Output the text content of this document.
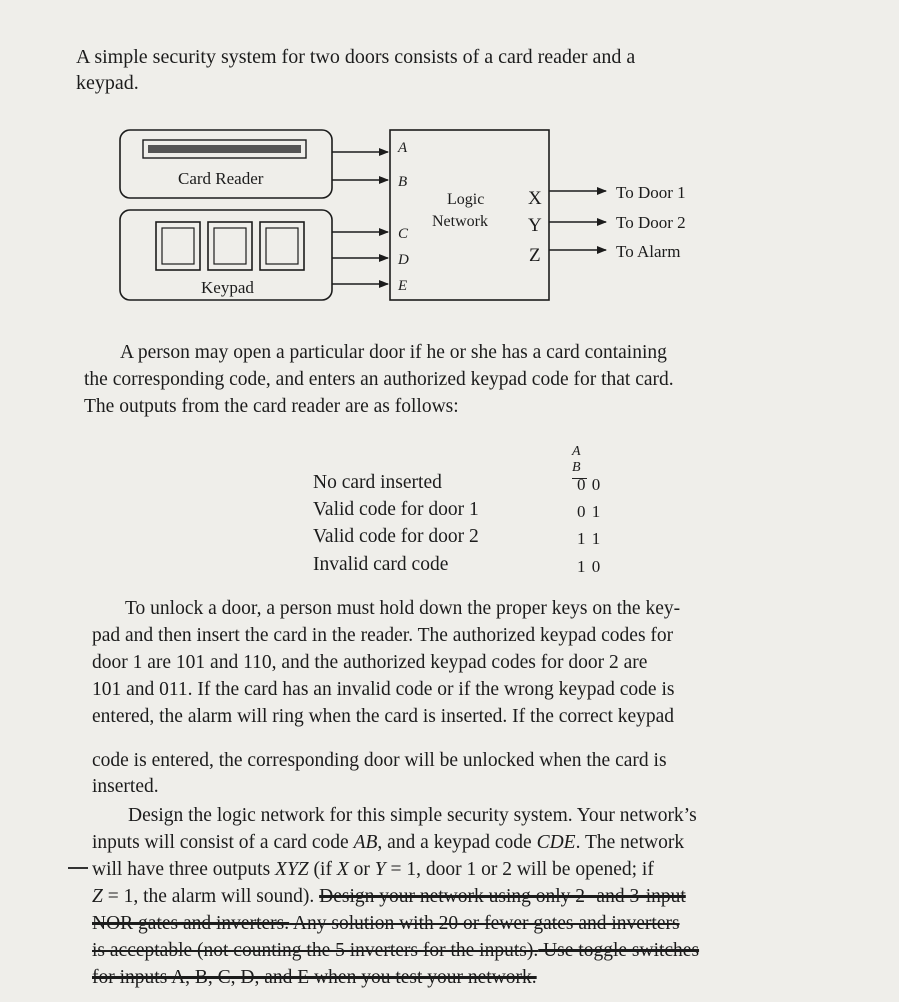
A simple security system for two doors consists of a card reader and a
keypad.
Card Reader
Keypad
A
B
C
D
E
Logic
Network
X
Y
Z
To Door 1
To Door 2
To Alarm
A person may open a particular door if he or she has a card containing
the corresponding code, and enters an authorized keypad code for that card.
The outputs from the card reader are as follows:
A B
No card inserted	0 0
Valid code for door 1	0 1
Valid code for door 2	1 1
Invalid card code	1 0
To unlock a door, a person must hold down the proper keys on the key-
pad and then insert the card in the reader. The authorized keypad codes for
door 1 are 101 and 110, and the authorized keypad codes for door 2 are
101 and 011. If the card has an invalid code or if the wrong keypad code is
entered, the alarm will ring when the card is inserted. If the correct keypad
code is entered, the corresponding door will be unlocked when the card is
inserted.
Design the logic network for this simple security system. Your network’s
inputs will consist of a card code AB, and a keypad code CDE. The network
will have three outputs XYZ (if X or Y = 1, door 1 or 2 will be opened; if
Z = 1, the alarm will sound). Design your network using only 2- and 3-input
NOR gates and inverters. Any solution with 20 or fewer gates and inverters
is acceptable (not counting the 5 inverters for the inputs). Use toggle switches
for inputs A, B, C, D, and E when you test your network.
